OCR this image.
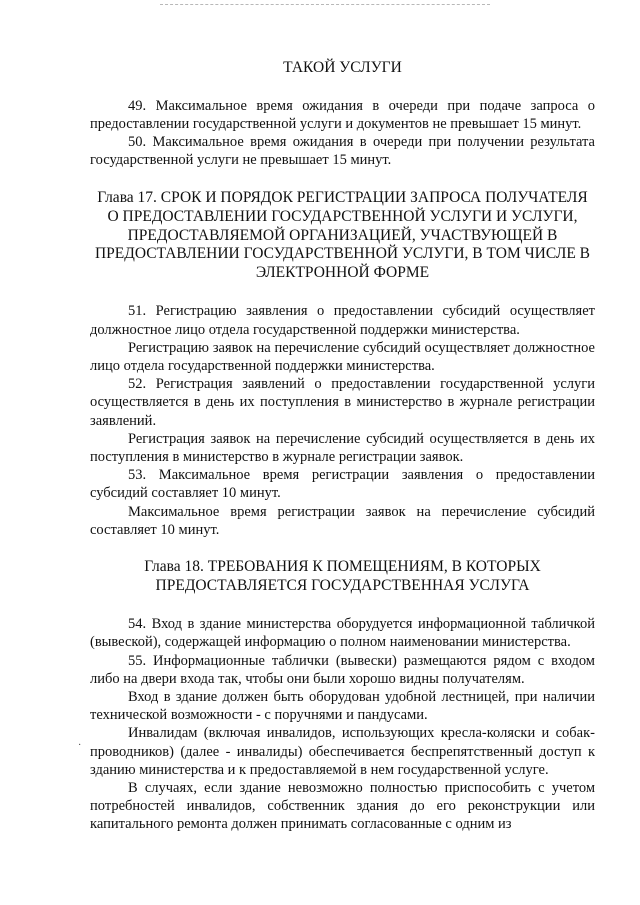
ТАКОЙ УСЛУГИ

49. Максимальное время ожидания в очереди при подаче запроса о предоставлении государственной услуги и документов не превышает 15 минут.

50. Максимальное время ожидания в очереди при получении результата государственной услуги не превышает 15 минут.

Глава 17. СРОК И ПОРЯДОК РЕГИСТРАЦИИ ЗАПРОСА ПОЛУЧАТЕЛЯ О ПРЕДОСТАВЛЕНИИ ГОСУДАРСТВЕННОЙ УСЛУГИ И УСЛУГИ, ПРЕДОСТАВЛЯЕМОЙ ОРГАНИЗАЦИЕЙ, УЧАСТВУЮЩЕЙ В ПРЕДОСТАВЛЕНИИ ГОСУДАРСТВЕННОЙ УСЛУГИ, В ТОМ ЧИСЛЕ В ЭЛЕКТРОННОЙ ФОРМЕ

51. Регистрацию заявления о предоставлении субсидий осуществляет должностное лицо отдела государственной поддержки министерства.

Регистрацию заявок на перечисление субсидий осуществляет должностное лицо отдела государственной поддержки министерства.

52. Регистрация заявлений о предоставлении государственной услуги осуществляется в день их поступления в министерство в журнале регистрации заявлений.

Регистрация заявок на перечисление субсидий осуществляется в день их поступления в министерство в журнале регистрации заявок.

53. Максимальное время регистрации заявления о предоставлении субсидий составляет 10 минут.

Максимальное время регистрации заявок на перечисление субсидий составляет 10 минут.

Глава 18. ТРЕБОВАНИЯ К ПОМЕЩЕНИЯМ, В КОТОРЫХ ПРЕДОСТАВЛЯЕТСЯ ГОСУДАРСТВЕННАЯ УСЛУГА

54. Вход в здание министерства оборудуется информационной табличкой (вывеской), содержащей информацию о полном наименовании министерства.

55. Информационные таблички (вывески) размещаются рядом с входом либо на двери входа так, чтобы они были хорошо видны получателям.

Вход в здание должен быть оборудован удобной лестницей, при наличии технической возможности - с поручнями и пандусами.

Инвалидам (включая инвалидов, использующих кресла-коляски и собак-проводников) (далее - инвалиды) обеспечивается беспрепятственный доступ к зданию министерства и к предоставляемой в нем государственной услуге.

В случаях, если здание невозможно полностью приспособить с учетом потребностей инвалидов, собственник здания до его реконструкции или капитального ремонта должен принимать согласованные с одним из

·
